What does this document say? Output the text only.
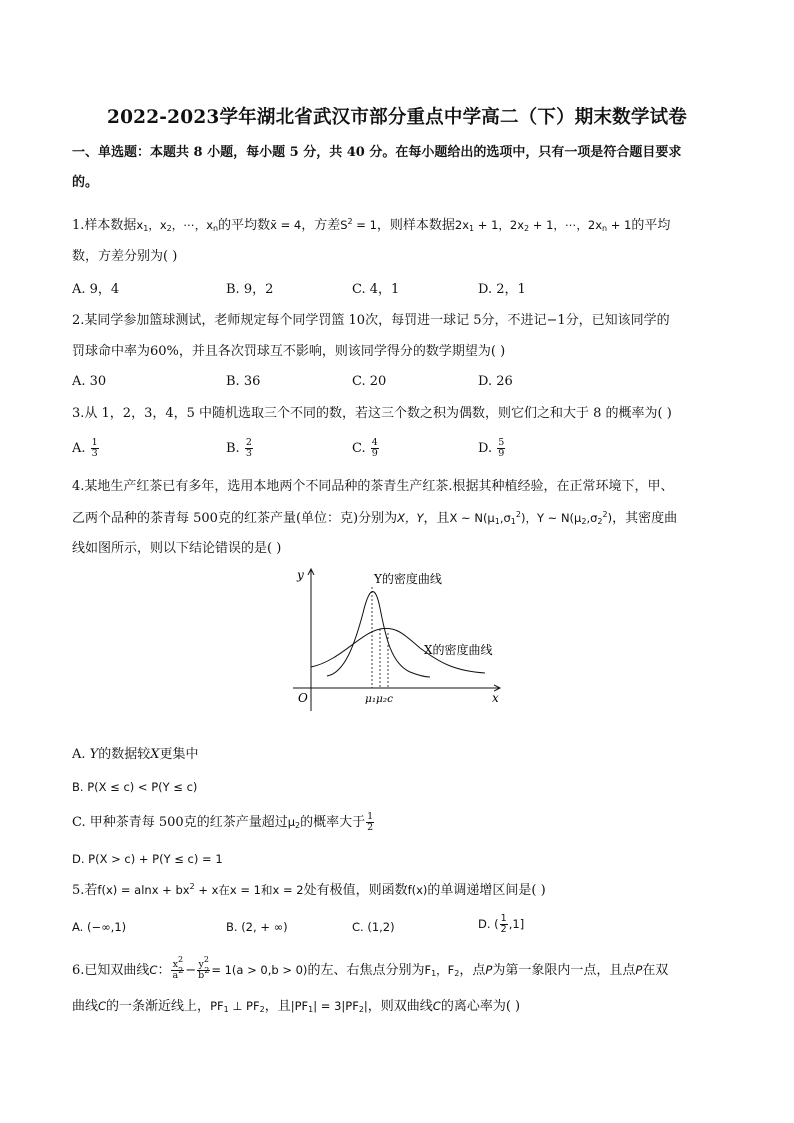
2022-2023学年湖北省武汉市部分重点中学高二（下）期末数学试卷
一、单选题：本题共 8 小题，每小题 5 分，共 40 分。在每小题给出的选项中，只有一项是符合题目要求
的。
1.样本数据$x_1$，$x_2$，⋯，$x_n$的平均数x̄ = 4，方差$S^2 = 1$，则样本数据$2x_1 + 1$，$2x_2 + 1$，⋯，$2x_n + 1$的平均
数，方差分别为( )
A. 9，4	B. 9，2	C. 4，1	D. 2，1
2.某同学参加篮球测试，老师规定每个同学罚篮 10次，每罚进一球记 5分，不进记−1分，已知该同学的
罚球命中率为60%，并且各次罚球互不影响，则该同学得分的数学期望为( )
A. 30	B. 36	C. 20	D. 26
3.从 1，2，3，4，5 中随机选取三个不同的数，若这三个数之积为偶数，则它们之和大于 8 的概率为( )
A. $\frac{1}{3}$	B. $\frac{2}{3}$	C. $\frac{4}{9}$	D. $\frac{5}{9}$
4.某地生产红茶已有多年，选用本地两个不同品种的茶青生产红茶.根据其种植经验，在正常环境下，甲、
乙两个品种的茶青每 500克的红茶产量(单位：克)分别为X，Y，且X ~ $N(\mu_1,\sigma_1^2)$，Y ~ $N(\mu_2,\sigma_2^2)$，其密度曲
线如图所示，则以下结论错误的是( )
y
x
O	μ₁μ₂c
Y的密度曲线
X的密度曲线
A. Y的数据较X更集中
B. P(X ≤ c) < P(Y ≤ c)
C. 甲种茶青每 500克的红茶产量超过$\mu_2$的概率大于 $\frac{1}{2}$
D. P(X > c) + P(Y ≤ c) = 1
5.若$f(x) = alnx + bx^2 + x$在x = 1和x = 2处有极值，则函数f(x)的单调递增区间是( )
A. (−∞,1)	B. (2, + ∞)	C. (1,2)	D. ( $\frac{1}{2} ,1$]
6.已知双曲线C： $\frac{x^2}{a^2} - \frac{y^2}{b^2} = 1(a > 0,b > 0)$的左、右焦点分别为$F_1$，$F_2$，点P为第一象限内一点，且点P在双
曲线C的一条渐近线上，$PF_1$ ⊥ $PF_2$，且$|PF_1| = 3|PF_2|$，则双曲线C的离心率为( )
